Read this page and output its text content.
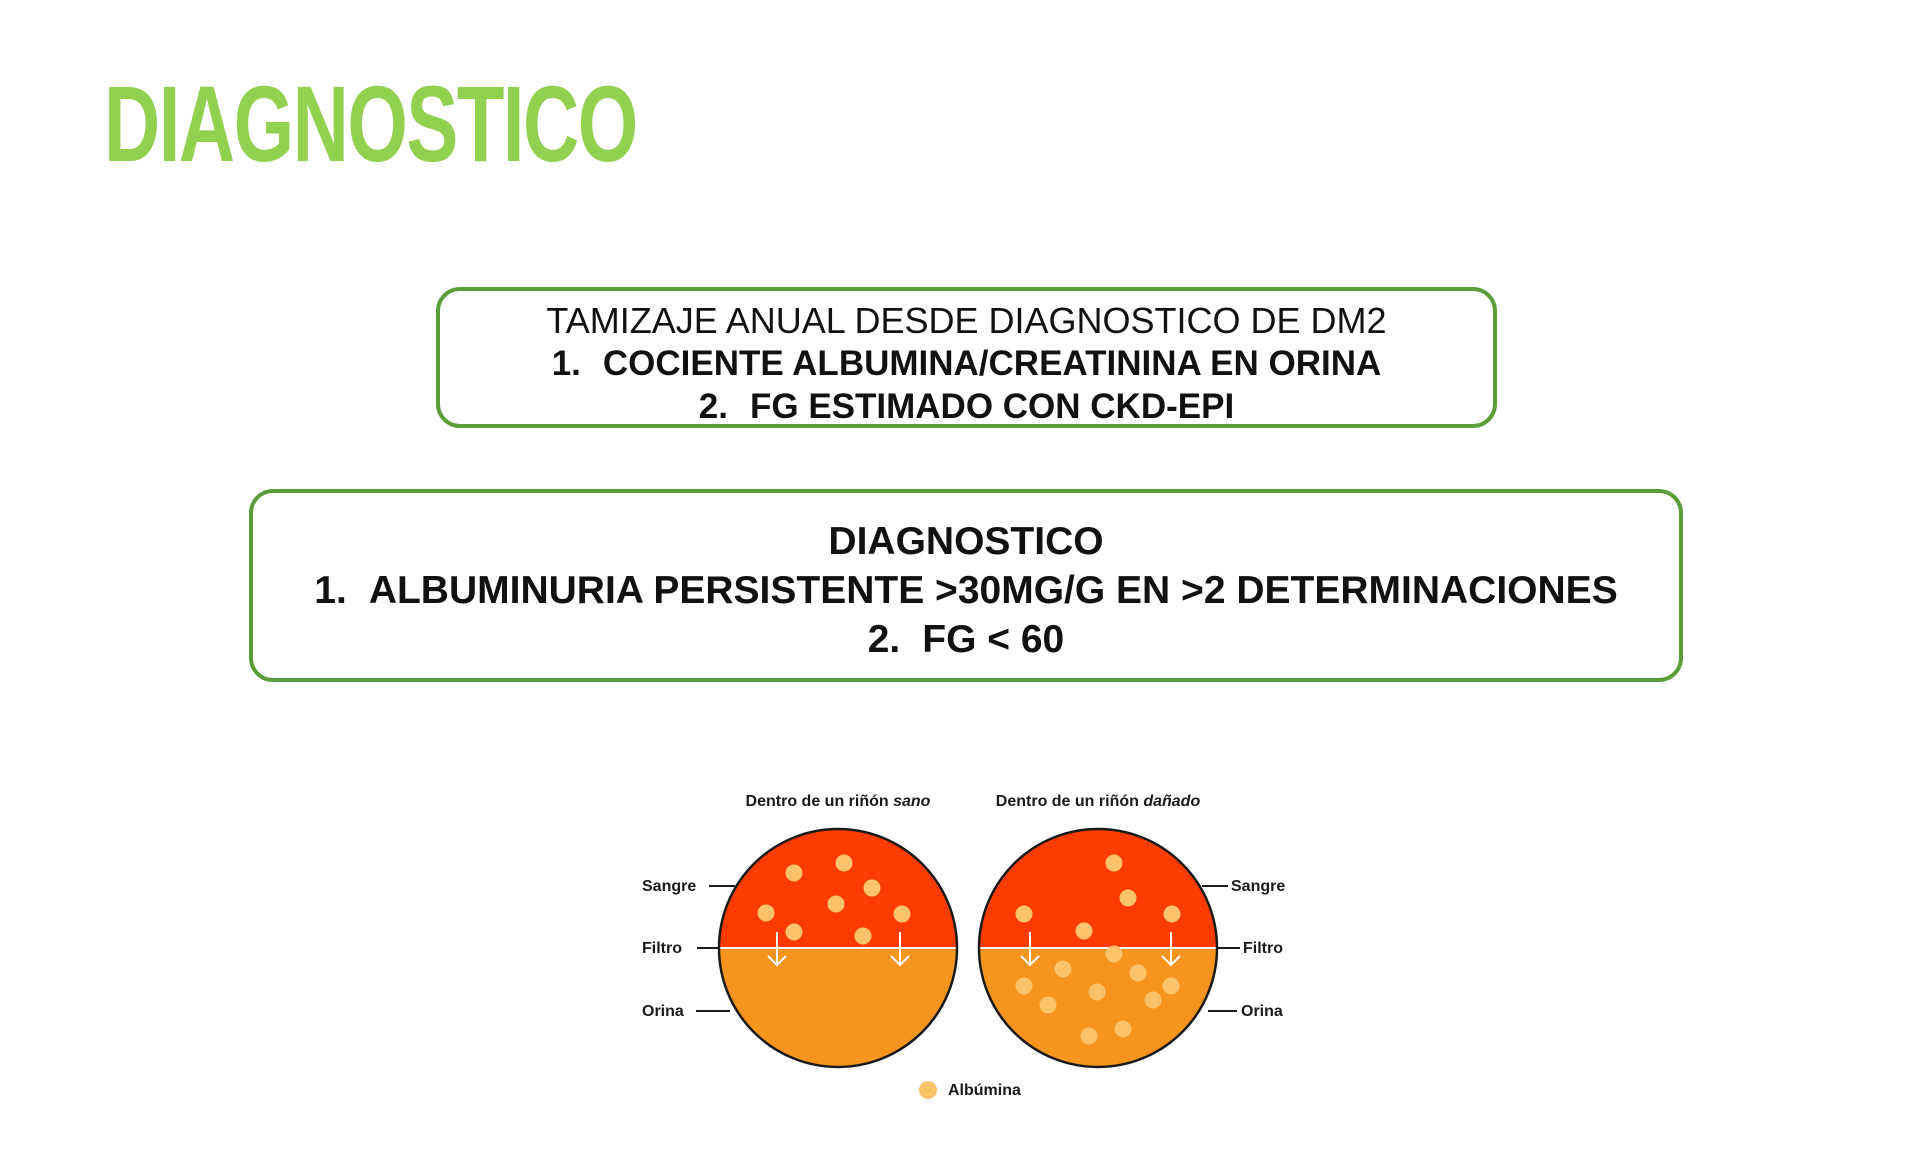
DIAGNOSTICO
TAMIZAJE ANUAL DESDE DIAGNOSTICO DE DM2
1. COCIENTE ALBUMINA/CREATININA EN ORINA
2. FG ESTIMADO CON CKD-EPI
DIAGNOSTICO
1. ALBUMINURIA PERSISTENTE >30MG/G EN >2 DETERMINACIONES
2. FG < 60
Dentro de un riñón sano	Dentro de un riñón dañado
Sangre
Filtro
Orina
Sangre
Filtro
Orina
Albúmina
